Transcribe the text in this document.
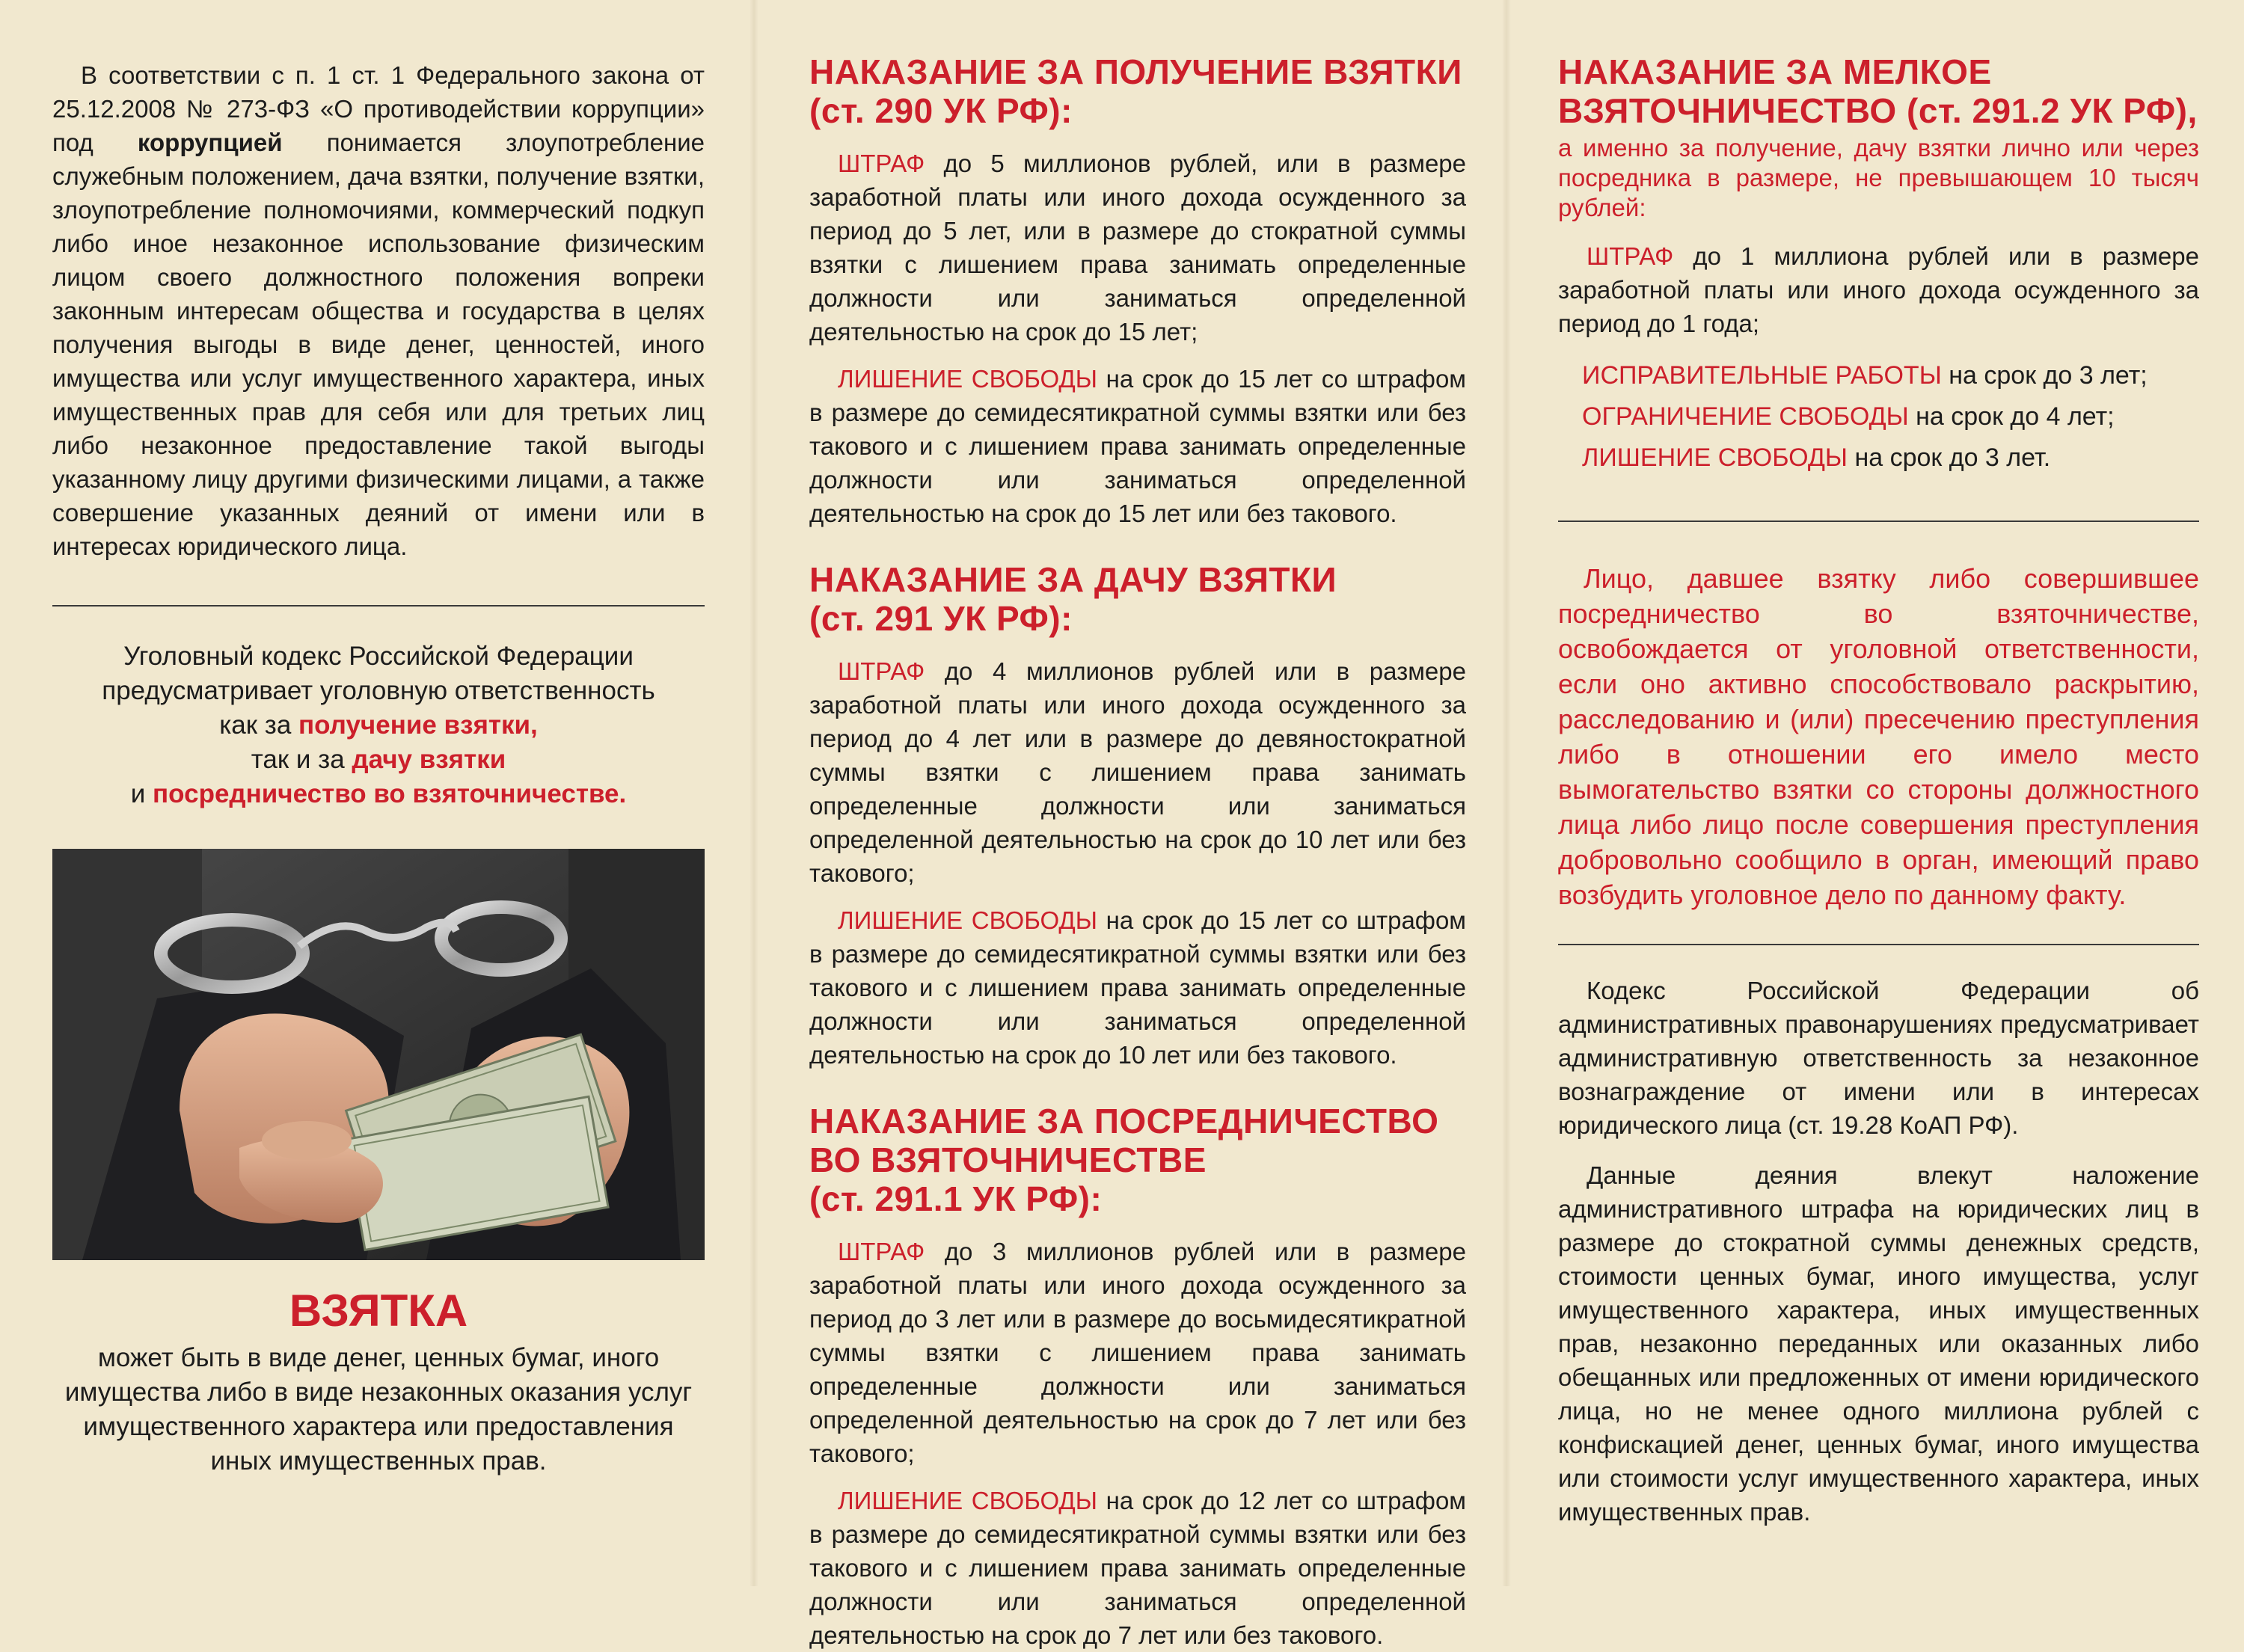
В соответствии с п. 1 ст. 1 Федерального закона от 25.12.2008 № 273-ФЗ «О противодействии коррупции» под коррупцией понимается злоупотребление служебным положением, дача взятки, получение взятки, злоупотребление полномочиями, коммерческий подкуп либо иное незаконное использование физическим лицом своего должностного положения вопреки законным интересам общества и государства в целях получения выгоды в виде денег, ценностей, иного имущества или услуг имущественного характера, иных имущественных прав для себя или для третьих лиц либо незаконное предоставление такой выгоды указанному лицу другими физическими лицами, а также совершение указанных деяний от имени или в интересах юридического лица.

Уголовный кодекс Российской Федерации
предусматривает уголовную ответственность
как за получение взятки,
так и за дачу взятки
и посредничество во взяточничестве.
ВЗЯТКА

может быть в виде денег, ценных бумаг, иного имущества либо в виде незаконных оказания услуг имущественного характера или предоставления иных имущественных прав.

НАКАЗАНИЕ ЗА ПОЛУЧЕНИЕ ВЗЯТКИ
(ст. 290 УК РФ):

ШТРАФ до 5 миллионов рублей, или в размере заработной платы или иного дохода осужденного за период до 5 лет, или в размере до стократной суммы взятки с лишением права занимать определенные должности или заниматься определенной деятельностью на срок до 15 лет;

ЛИШЕНИЕ СВОБОДЫ на срок до 15 лет со штрафом в размере до семидесятикратной суммы взятки или без такового и с лишением права занимать определенные должности или заниматься определенной деятельностью на срок до 15 лет или без такового.

НАКАЗАНИЕ ЗА ДАЧУ ВЗЯТКИ
(ст. 291 УК РФ):

ШТРАФ до 4 миллионов рублей или в размере заработной платы или иного дохода осужденного за период до 4 лет или в размере до девяностократной суммы взятки с лишением права занимать определенные должности или заниматься определенной деятельностью на срок до 10 лет или без такового;

ЛИШЕНИЕ СВОБОДЫ на срок до 15 лет со штрафом в размере до семидесятикратной суммы взятки или без такового и с лишением права занимать определенные должности или заниматься определенной деятельностью на срок до 10 лет или без такового.

НАКАЗАНИЕ ЗА ПОСРЕДНИЧЕСТВО
ВО ВЗЯТОЧНИЧЕСТВЕ
(ст. 291.1 УК РФ):

ШТРАФ до 3 миллионов рублей или в размере заработной платы или иного дохода осужденного за период до 3 лет или в размере до восьмидесятикратной суммы взятки с лишением права занимать определенные должности или заниматься определенной деятельностью на срок до 7 лет или без такового;

ЛИШЕНИЕ СВОБОДЫ на срок до 12 лет со штрафом в размере до семидесятикратной суммы взятки или без такового и с лишением права занимать определенные должности или заниматься определенной деятельностью на срок до 7 лет или без такового.

НАКАЗАНИЕ ЗА МЕЛКОЕ
ВЗЯТОЧНИЧЕСТВО (ст. 291.2 УК РФ),

а именно за получение, дачу взятки лично или через посредника в размере, не превышающем 10 тысяч рублей:

ШТРАФ до 1 миллиона рублей или в размере заработной платы или иного дохода осужденного за период до 1 года;

ИСПРАВИТЕЛЬНЫЕ РАБОТЫ на срок до 3 лет;
ОГРАНИЧЕНИЕ СВОБОДЫ на срок до 4 лет;
ЛИШЕНИЕ СВОБОДЫ на срок до 3 лет.

Лицо, давшее взятку либо совершившее посредничество во взяточничестве, освобождается от уголовной ответственности, если оно активно способствовало раскрытию, расследованию и (или) пресечению преступления либо в отношении его имело место вымогательство взятки со стороны должностного лица либо лицо после совершения преступления добровольно сообщило в орган, имеющий право возбудить уголовное дело по данному факту.

Кодекс Российской Федерации об административных правонарушениях предусматривает административную ответственность за незаконное вознаграждение от имени или в интересах юридического лица (ст. 19.28 КоАП РФ).

Данные деяния влекут наложение административного штрафа на юридических лиц в размере до стократной суммы денежных средств, стоимости ценных бумаг, иного имущества, услуг имущественного характера, иных имущественных прав, незаконно переданных или оказанных либо обещанных или предложенных от имени юридического лица, но не менее одного миллиона рублей с конфискацией денег, ценных бумаг, иного имущества или стоимости услуг имущественного характера, иных имущественных прав.
